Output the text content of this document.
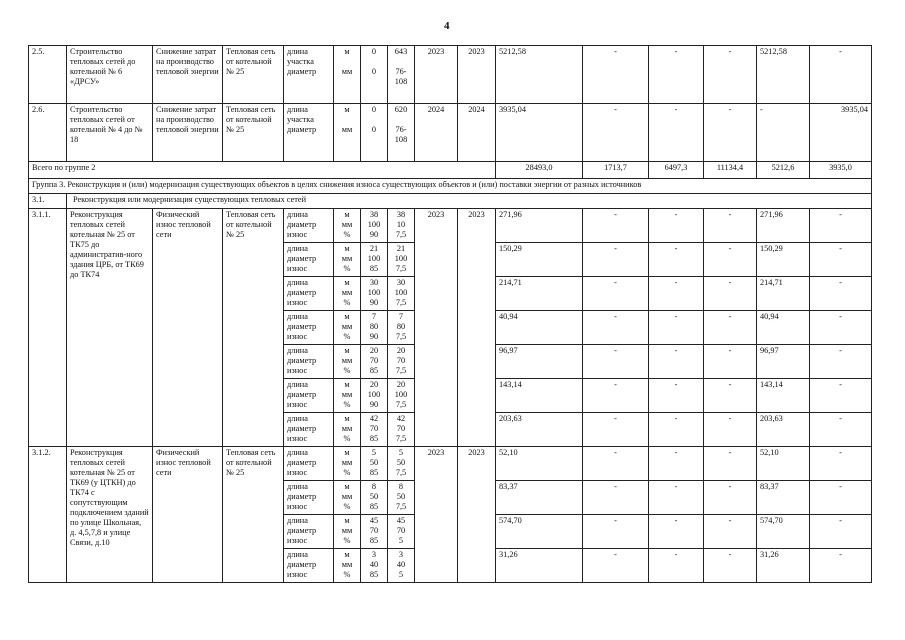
4
2.5.	Строительство тепловых сетей до котельной № 6 «ДРСУ»	Снижение затрат на производство тепловой энергии	Тепловая сеть от котельной № 25	длина
участка
диаметр	м

мм	0

0	643

76-
108	2023	2023	5212,58	-	-	-	5212,58	-
2.6.	Строительство тепловых сетей от котельной № 4 до № 18	Снижение затрат на производство тепловой энергии	Тепловая сеть от котельной № 25	длина
участка
диаметр	м

мм	0

0	620

76-
108	2024	2024	3935,04	-	-	-	-	3935,04
Всего по группе 2										28493,0	1713,7	6497,3	11134,4	5212,6	3935,0
Группа 3. Реконструкция и (или) модернизация существующих объектов в целях снижения износа существующих объектов и (или) поставки энергии от разных источников															
3.1.	Реконструкция или модернизация существующих тепловых сетей														
3.1.1.	Реконструкция тепловых сетей котельная № 25 от ТК75 до административ-ного здания ЦРБ, от ТК69 до ТК74	Физический износ тепловой сети	Тепловая сеть от котельной № 25	длина
диаметр
износ	м
мм
%	38
100
90	38
10
7,5	2023	2023	271,96	-	-	-	271,96	-
				длина
диаметр
износ	м
мм
%	21
100
85	21
100
7,5			150,29	-	-	-	150,29	-
				длина
диаметр
износ	м
мм
%	30
100
90	30
100
7,5			214,71	-	-	-	214,71	-
				длина
диаметр
износ	м
мм
%	7
80
90	7
80
7,5			40,94	-	-	-	40,94	-
				длина
диаметр
износ	м
мм
%	20
70
85	20
70
7,5			96,97	-	-	-	96,97	-
				длина
диаметр
износ	м
мм
%	20
100
90	20
100
7,5			143,14	-	-	-	143,14	-
				длина
диаметр
износ	м
мм
%	42
70
85	42
70
7,5			203,63	-	-	-	203,63	-
3.1.2.	Реконструкция тепловых сетей котельная № 25 от ТК69 (у ЦТКН) до ТК74 с сопутствующим подключением зданий по улице Школьная, д. 4,5,7,8 и улице Связи, д.10	Физический износ тепловой сети	Тепловая сеть от котельной № 25	длина
диаметр
износ	м
мм
%	5
50
85	5
50
7,5	2023	2023	52,10	-	-	-	52,10	-
				длина
диаметр
износ	м
мм
%	8
50
85	8
50
7,5			83,37	-	-	-	83,37	-
				длина
диаметр
износ	м
мм
%	45
70
85	45
70
5			574,70	-	-	-	574,70	-
				длина
диаметр
износ	м
мм
%	3
40
85	3
40
5			31,26	-	-	-	31,26	-
